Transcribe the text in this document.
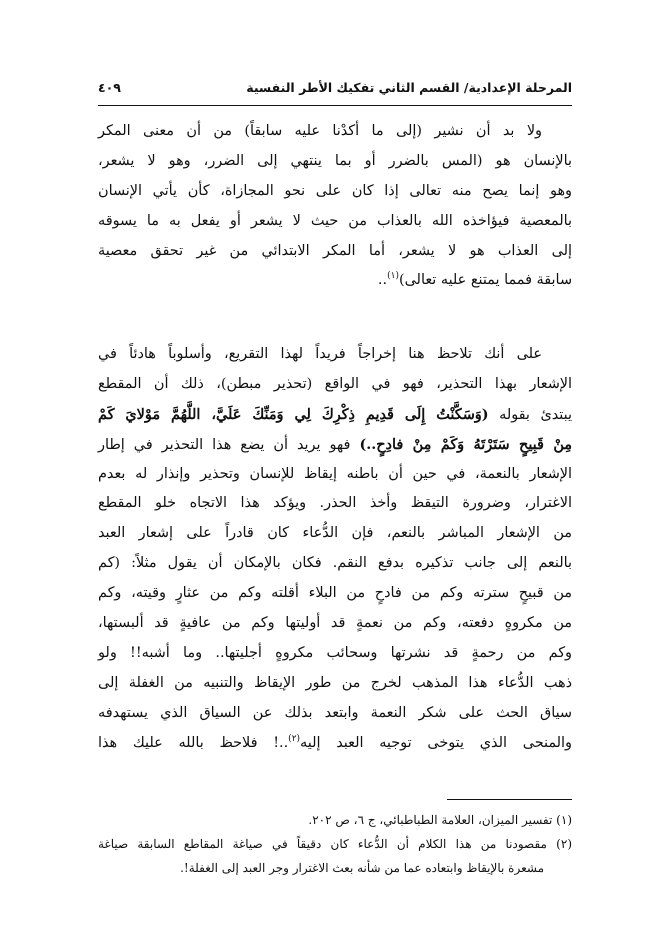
المرحلة الإعدادية/ القسم الثاني تفكيك الأطر النفسية
٤٠٩
ولا بد أن نشير (إلى ما أكدْنا عليه سابقاً) من أن معنى المكر
بالإنسان هو (المس بالضرر أو بما ينتهي إلى الضرر، وهو لا يشعر،
وهو إنما يصح منه تعالى إذا كان على نحو المجازاة، كأن يأتي الإنسان
بالمعصية فيؤاخذه الله بالعذاب من حيث لا يشعر أو يفعل به ما يسوقه
إلى العذاب هو لا يشعر، أما المكر الابتدائي من غير تحقق معصية
سابقة فمما يمتنع عليه تعالى)$^{(١)}$..
على أنك تلاحظ هنا إخراجاً فريداً لهذا التقريع، وأسلوباً هادئاً في
الإشعار بهذا التحذير، فهو في الواقع (تحذير مبطن)، ذلك أن المقطع
يبتدئ بقوله (وَسَكَّنْتُ إِلَى قَدِيمِ ذِكْرِكَ لِي وَمَنِّكَ عَلَيَّ، اللَّهُمَّ مَوْلايَ كَمْ
مِنْ قَبِيحٍ سَتَرْتَهُ وَكَمْ مِنْ فادِحٍ..) فهو يريد أن يضع هذا التحذير في إطار
الإشعار بالنعمة، في حين أن باطنه إيقاظ للإنسان وتحذير وإنذار له بعدم
الاغترار، وضرورة التيقظ وأخذ الحذر. ويؤكد هذا الاتجاه خلو المقطع
من الإشعار المباشر بالنعم، فإن الدُّعاء كان قادراً على إشعار العبد
بالنعم إلى جانب تذكيره بدفع النقم. فكان بالإمكان أن يقول مثلاً: (كم
من قبيحٍ سترته وكم من فادحٍ من البلاء أقلته وكم من عثارٍ وقيته، وكم
من مكروهٍ دفعته، وكم من نعمةٍ قد أوليتها وكم من عافيةٍ قد ألبستها،
وكم من رحمةٍ قد نشرتها وسحائب مكروهٍ أجليتها.. وما أشبه!! ولو
ذهب الدُّعاء هذا المذهب لخرج من طور الإيقاظ والتنبيه من الغفلة إلى
سياق الحث على شكر النعمة وابتعد بذلك عن السياق الذي يستهدفه
والمنحى الذي يتوخى توجيه العبد إليه$^{(٢)}$..! فلاحظ بالله عليك هذا
(١) تفسير الميزان، العلامة الطباطبائي، ج ٦، ص ٢٠٢.
(٢) مقصودنا من هذا الكلام أن الدُّعاء كان دقيقاً في صياغة المقاطع السابقة صياغة
مشعرة بالإيقاظ وابتعاده عما من شأنه بعث الاغترار وجر العبد إلى الغفلة!.
